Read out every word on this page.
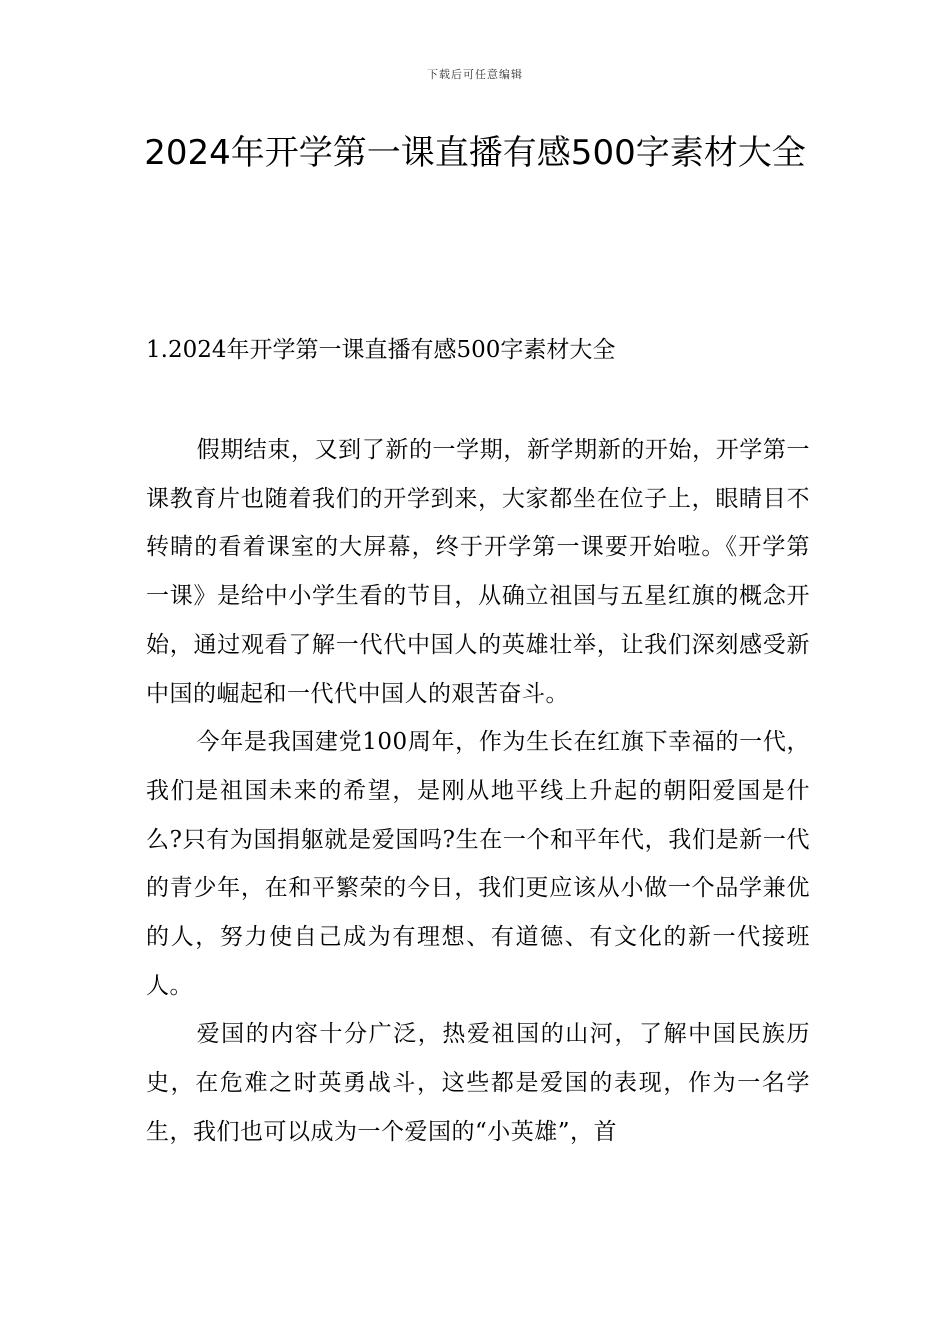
下载后可任意编辑
2024年开学第一课直播有感500字素材大全
1.2024年开学第一课直播有感500字素材大全

假期结束，又到了新的一学期，新学期新的开始，开学第一课教育片也随着我们的开学到来，大家都坐在位子上，眼睛目不转睛的看着课室的大屏幕，终于开学第一课要开始啦。《开学第一课》是给中小学生看的节目，从确立祖国与五星红旗的概念开始，通过观看了解一代代中国人的英雄壮举，让我们深刻感受新中国的崛起和一代代中国人的艰苦奋斗。

今年是我国建党100周年，作为生长在红旗下幸福的一代，我们是祖国未来的希望，是刚从地平线上升起的朝阳爱国是什么?只有为国捐躯就是爱国吗?生在一个和平年代，我们是新一代的青少年，在和平繁荣的今日，我们更应该从小做一个品学兼优的人，努力使自己成为有理想、有道德、有文化的新一代接班人。

爱国的内容十分广泛，热爱祖国的山河，了解中国民族历史，在危难之时英勇战斗，这些都是爱国的表现，作为一名学生，我们也可以成为一个爱国的“小英雄”，首
